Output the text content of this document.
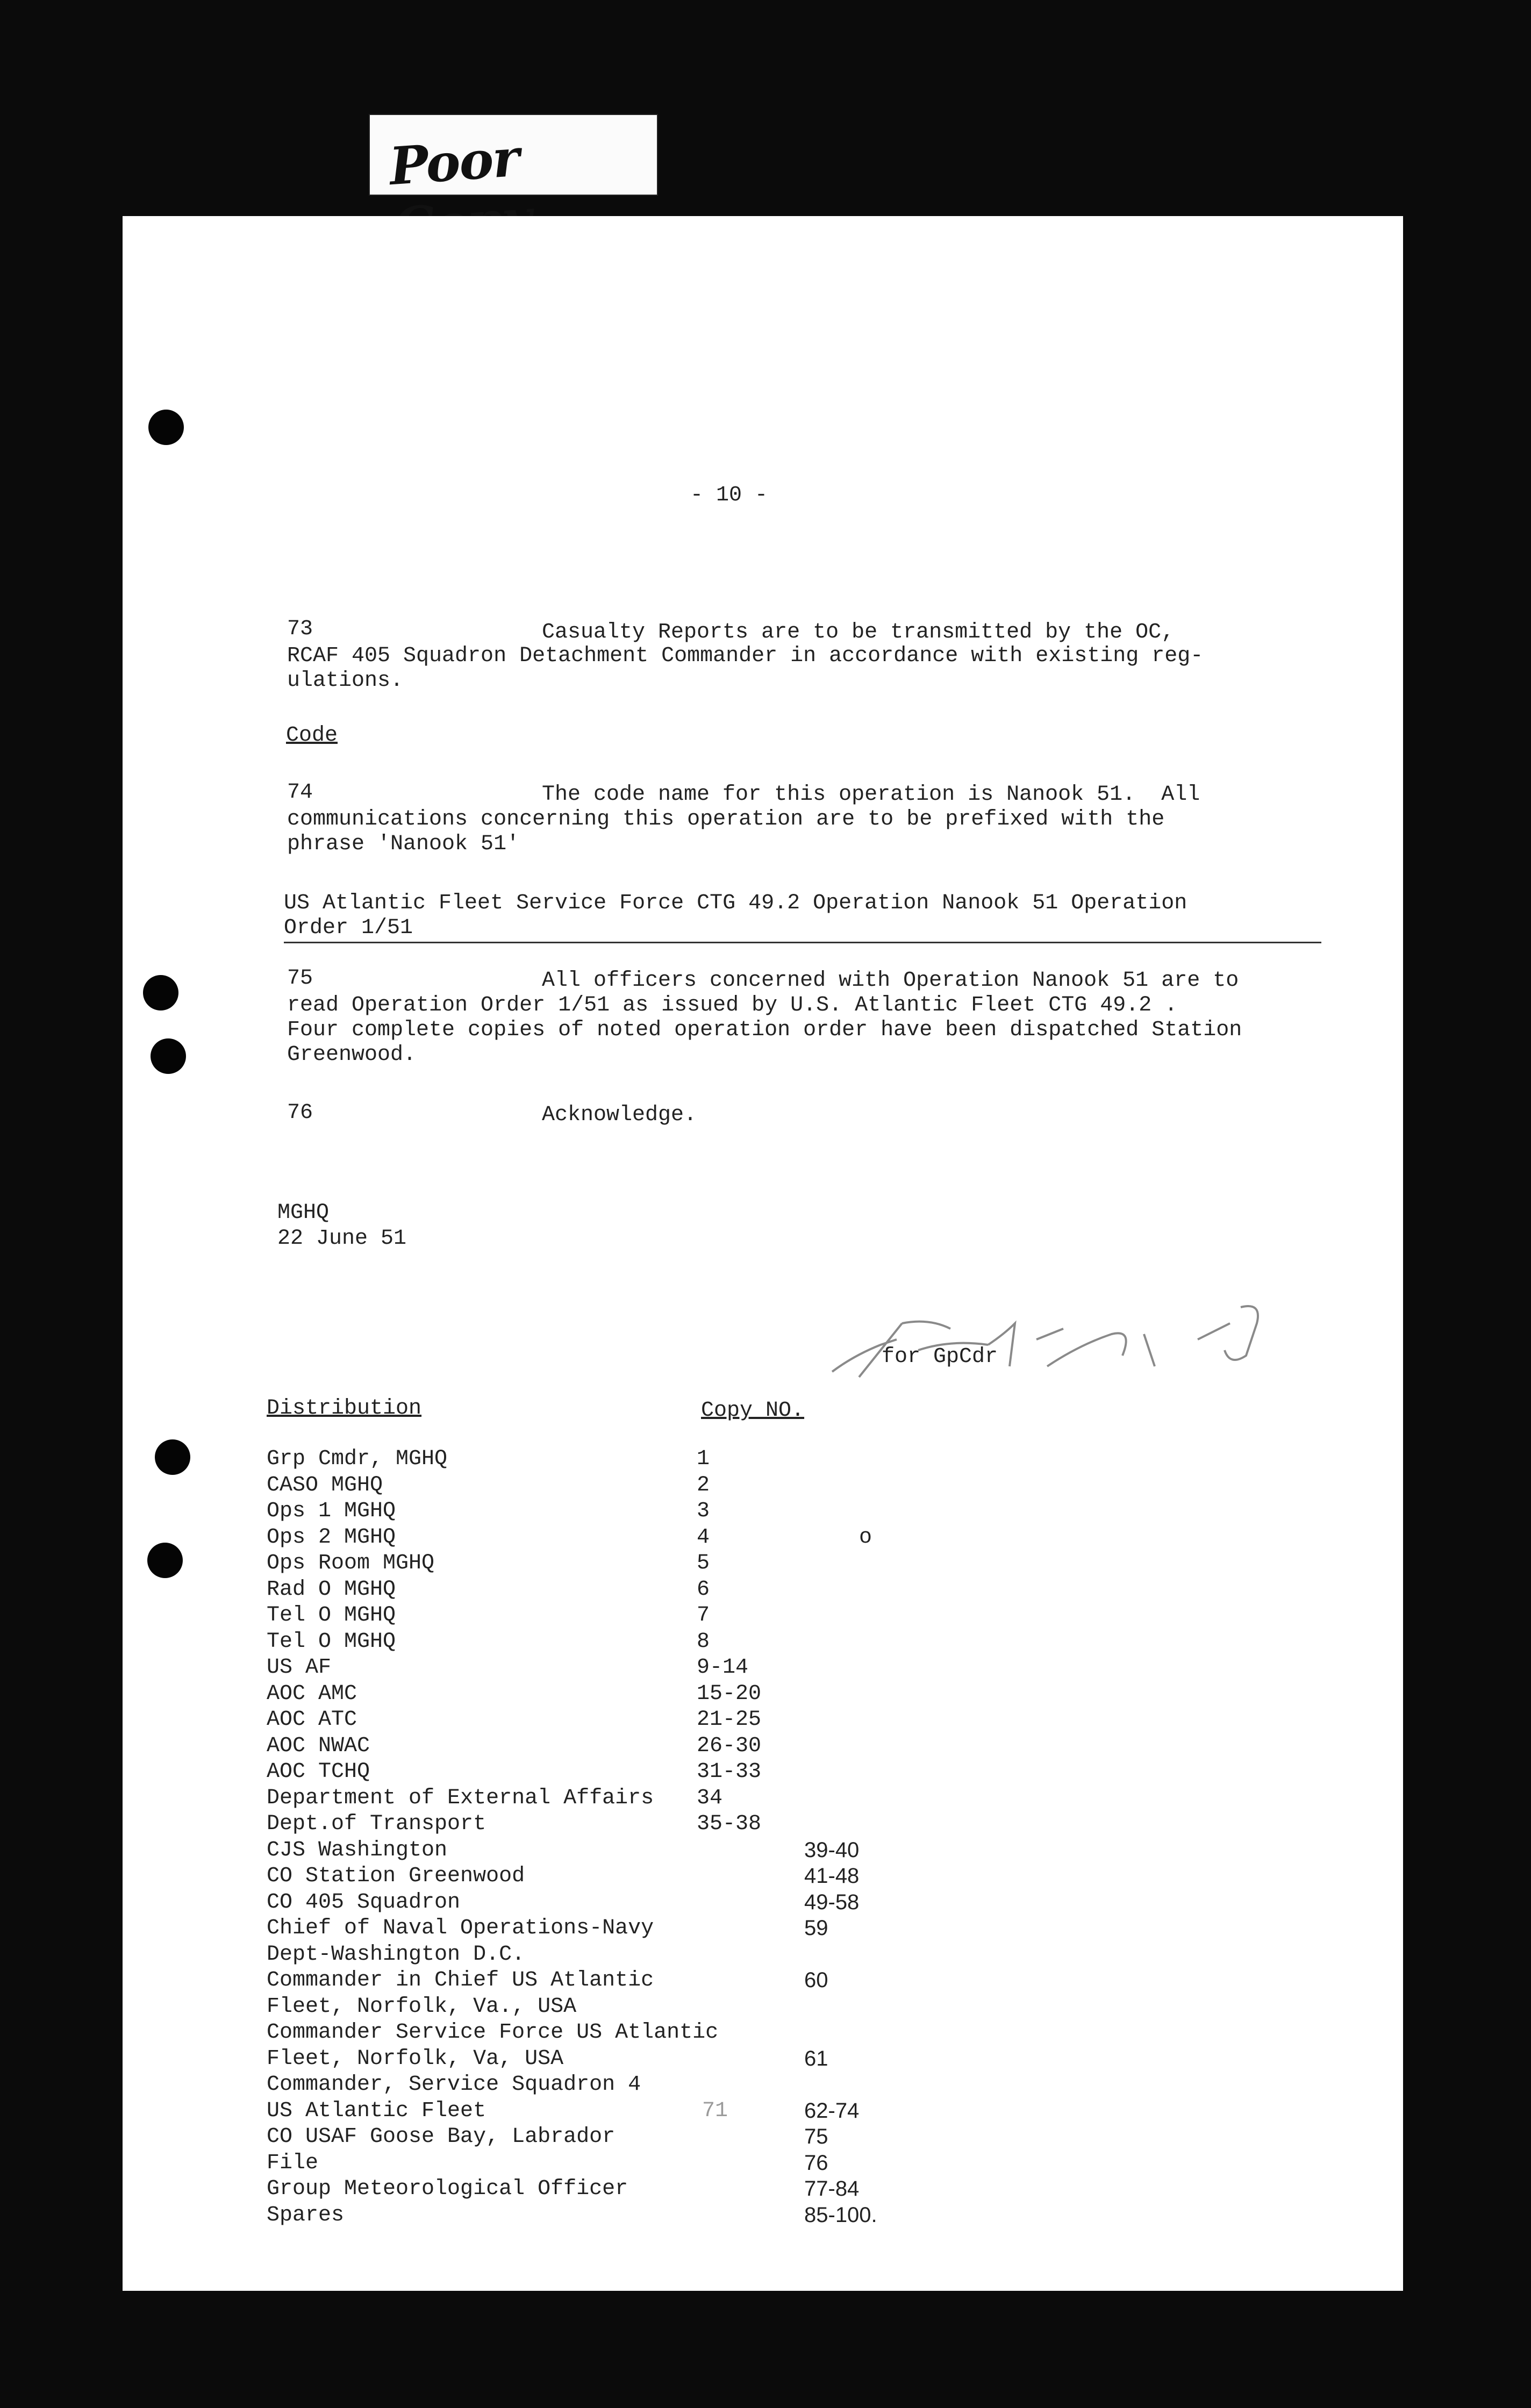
Poor
- 10 -
73	Casualty Reports are to be transmitted by the OC,
RCAF 405 Squadron Detachment Commander in accordance with existing reg-
ulations.
Code
74	The code name for this operation is Nanook 51.  All
communications concerning this operation are to be prefixed with the
phrase 'Nanook 51'
US Atlantic Fleet Service Force CTG 49.2 Operation Nanook 51 Operation
Order 1/51
75	All officers concerned with Operation Nanook 51 are to
read Operation Order 1/51 as issued by U.S. Atlantic Fleet CTG 49.2 .
Four complete copies of noted operation order have been dispatched Station
Greenwood.
76	Acknowledge.
MGHQ
22 June 51
for GpCdr
Distribution	Copy NO.
Grp Cmdr, MGHQ	1
CASO MGHQ	2
Ops 1 MGHQ	3
Ops 2 MGHQ	4
Ops Room MGHQ	5
Rad O MGHQ	6
Tel O MGHQ	7
Tel O MGHQ	8
US AF	9-14
AOC AMC	15-20
AOC ATC	21-25
AOC NWAC	26-30
AOC TCHQ	31-33
Department of External Affairs 34
Dept.of Transport	35-38
CJS Washington	39-40
CO Station Greenwood	41-48
CO 405 Squadron	49-58
Chief of Naval Operations-Navy	59
Dept-Washington D.C.
Commander in Chief US Atlantic	60
Fleet, Norfolk, Va., USA
Commander Service Force US Atlantic
Fleet, Norfolk, Va, USA	61
Commander, Service Squadron 4
US Atlantic Fleet	71	62-74
CO USAF Goose Bay, Labrador	75
File	76
Group Meteorological Officer	77-84
Spares	85-100.
o
